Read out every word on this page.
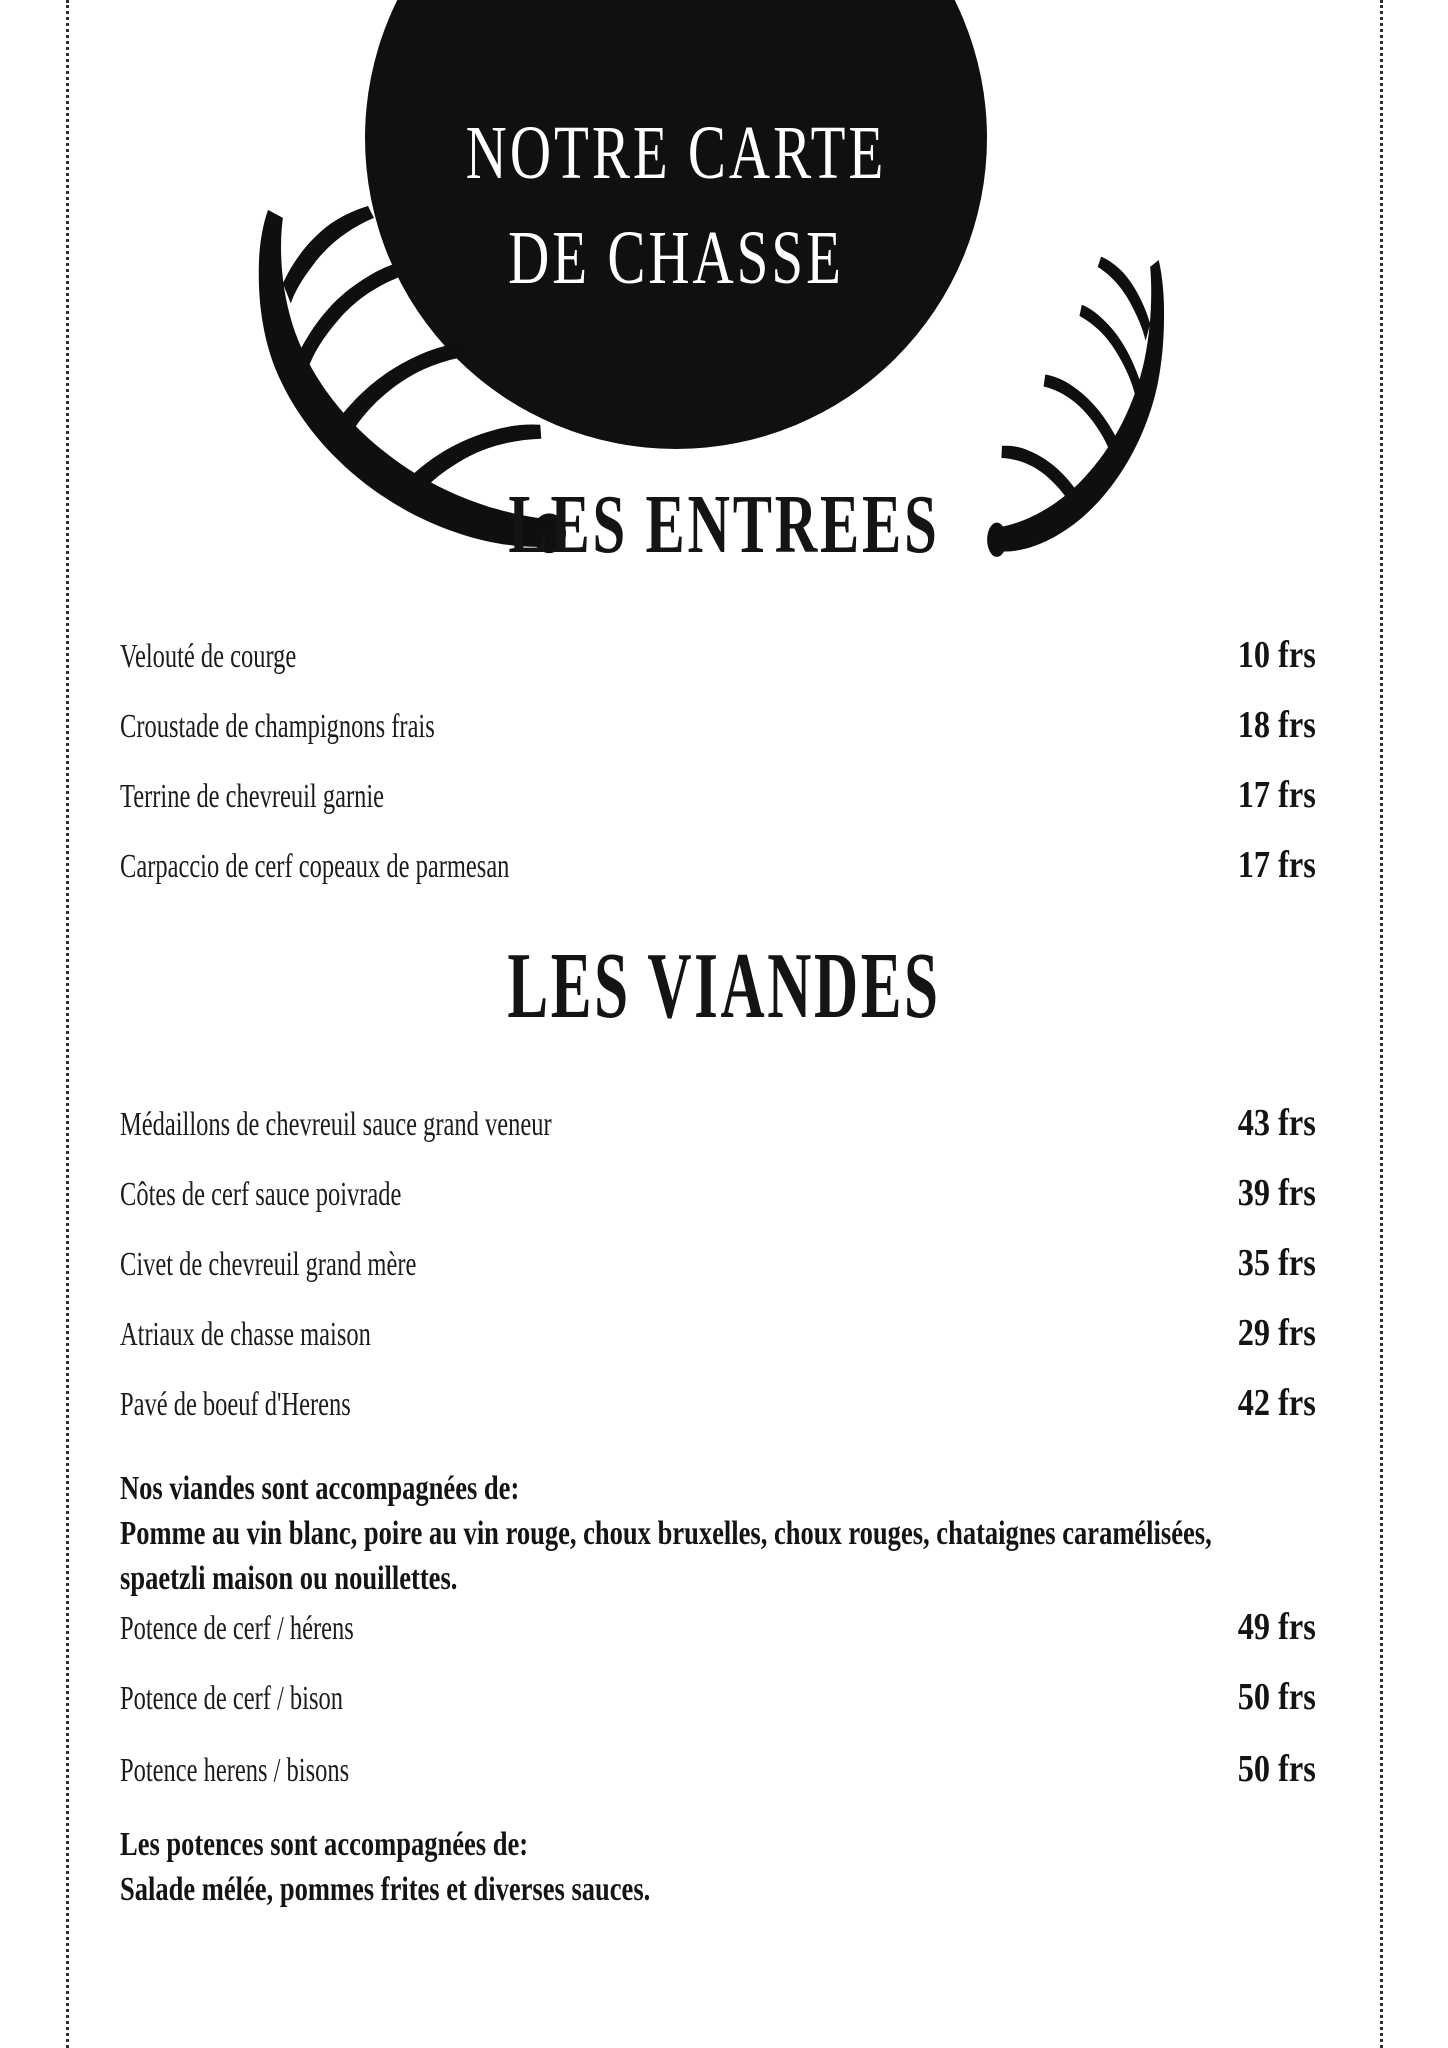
NOTRE CARTE
DE CHASSE
LES ENTREES
Velouté de courge	10 frs
Croustade de champignons frais	18 frs
Terrine de chevreuil garnie	17 frs
Carpaccio de cerf copeaux de parmesan	17 frs
LES VIANDES
Médaillons de chevreuil sauce grand veneur	43 frs
Côtes de cerf sauce poivrade	39 frs
Civet de chevreuil grand mère	35 frs
Atriaux de chasse maison	29 frs
Pavé de boeuf d'Herens	42 frs
Nos viandes sont accompagnées de:
Pomme au vin blanc, poire au vin rouge, choux bruxelles, choux rouges, chataignes caramélisées,
spaetzli maison ou nouillettes.
Potence de cerf / hérens	49 frs
Potence de cerf / bison	50 frs
Potence herens / bisons	50 frs
Les potences sont accompagnées de:
Salade mélée, pommes frites et diverses sauces.
